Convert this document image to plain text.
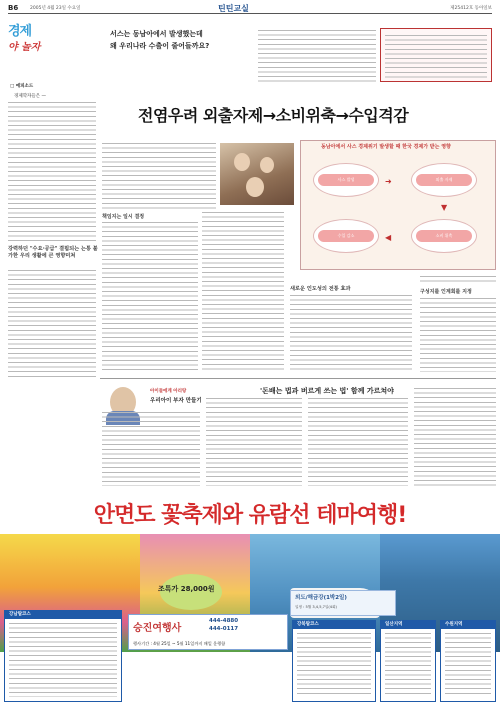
B6	2005년 4월 23일 수요일	틴틴교실	제25412호 동아일보
경제
야 놀자
서스는 동남아에서 발생했는데
왜 우리나라 수출이 줄어들까요?
□ 에피소드
경제학자들은 —
강력하던 "수요·공급" 결핍되는 는통 불가한 우리 생활에 큰 영향미쳐
전염우려 외출자제→소비위축→수입격감
책임지는 일시 결정
새로운 인도성의 전통 효과	구성지를 인계회를 지정
동남아에서 사스 경제위기 발생할 때 한국 경제가 받는 영향
사스 발생	외출 자제
소비 위축
수입 감소
➜
▼
◀
아이들에게 아리랑
우리아이 부자 만들기
'돈배는 법과 버르게 쓰는 법' 함께 가르쳐야
안면도 꽃축제와 유람선 테마여행!
조특가 28,000원
외도/해금강(1박2일)
일정 : 5월 3,4,5,7일(4회)
승진여행사
444-4880
444-0117
행사기간 : 4월 25일 ~ 5월 11일까지 매일 운행함
강남탑코스
강북탑코스	일산지역	수원지역
